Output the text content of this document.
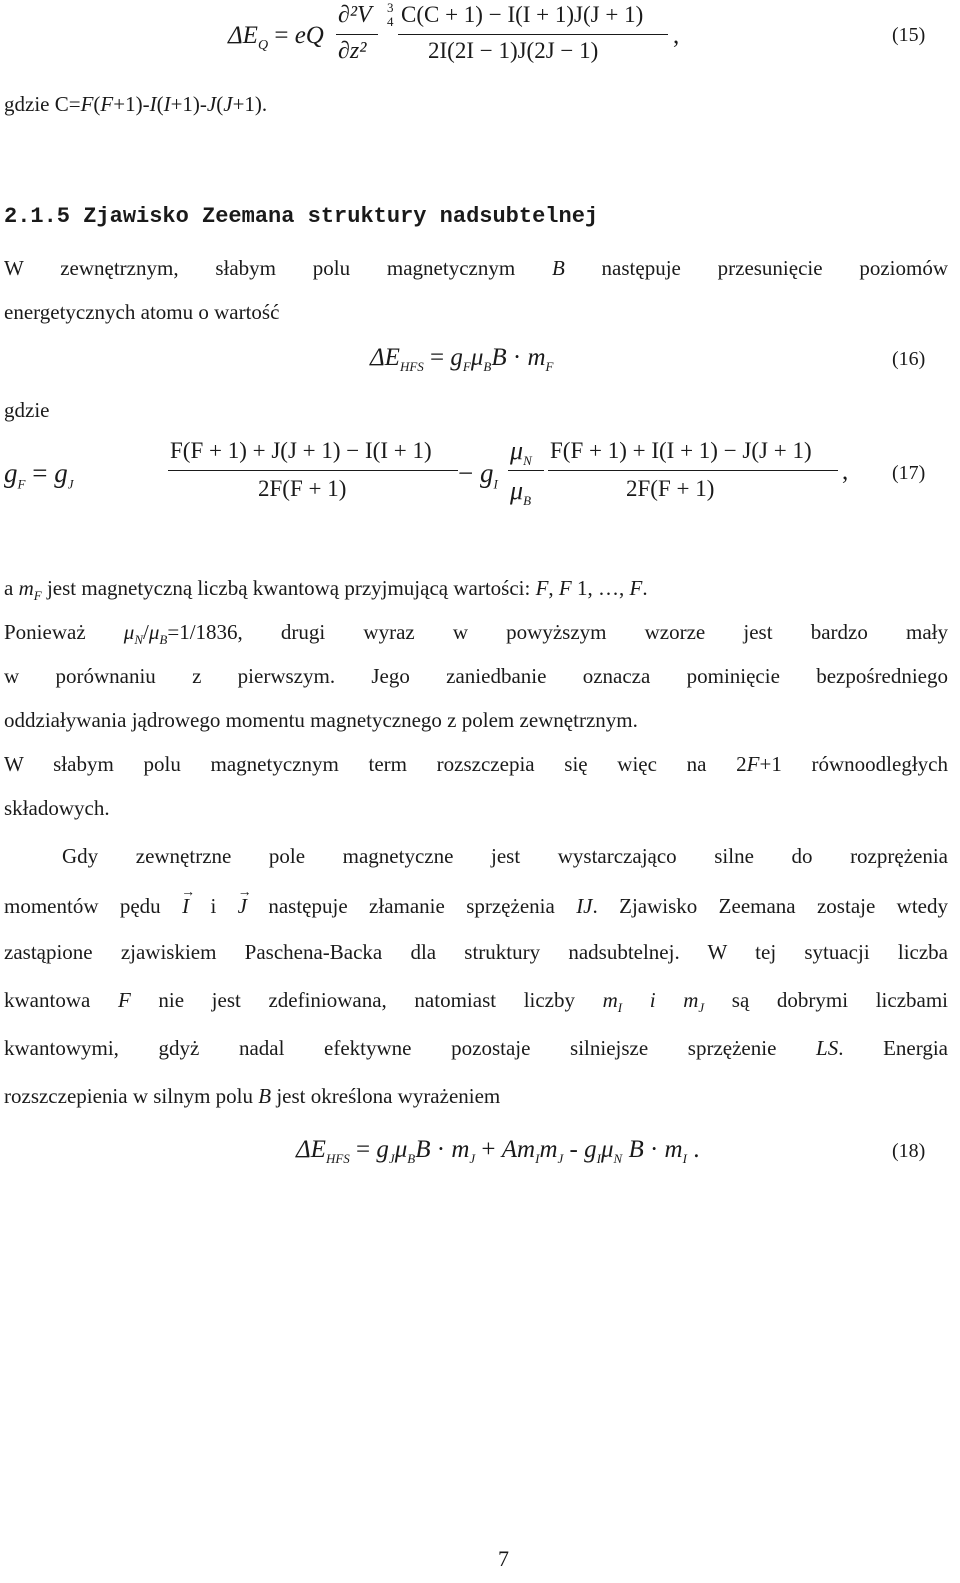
$\Delta E_Q$ = eQ
∂²V
∂z²
3
4 C(C + 1) − I(I + 1)J(J + 1)
2I(2I − 1)J(2J − 1)
,	(15)
gdzie C=F(F+1)-I(I+1)-J(J+1).
2.1.5 Zjawisko Zeemana struktury nadsubtelnej
W zewnętrznym, słabym polu magnetycznym B następuje przesunięcie poziomów
energetycznych atomu o wartość
$\Delta E_{HFS} = g_F\mu_BB \cdot m_F$	(16)
gdzie
$g_F = g_J$
F(F + 1) + J(J + 1) − I(I + 1)
2F(F + 1)
− $g_I$
$\mu_N$
$\mu_B$
F(F + 1) + I(I + 1) − J(J + 1)
2F(F + 1)
, (17)
a $m_F$ jest magnetyczną liczbą kwantową przyjmującą wartości: F, F 1, …, F.
Ponieważ $\mu_N/\mu_B=1/1836$, drugi wyraz w powyższym wzorze jest bardzo mały
w porównaniu z pierwszym. Jego zaniedbanie oznacza pominięcie bezpośredniego
oddziaływania jądrowego momentu magnetycznego z polem zewnętrznym.
W słabym polu magnetycznym term rozszczepia się więc na 2F+1 równoodległych
składowych.
Gdy zewnętrzne pole magnetyczne jest wystarczająco silne do rozprężenia
momentów pędu I
→
i J
→
następuje złamanie sprzężenia IJ. Zjawisko Zeemana zostaje wtedy
zastąpione zjawiskiem Paschena-Backa dla struktury nadsubtelnej. W tej sytuacji liczba
kwantowa F nie jest zdefiniowana, natomiast liczby $m_I$ i $m_J$ są dobrymi liczbami
kwantowymi, gdyż nadal efektywne pozostaje silniejsze sprzężenie LS. Energia
rozszczepienia w silnym polu B jest określona wyrażeniem
$\Delta E_{HFS} = g_J\mu_BB \cdot m_J + Am_Im_J - g_I\mu_N$ $B \cdot m_I$ .	(18)
7
